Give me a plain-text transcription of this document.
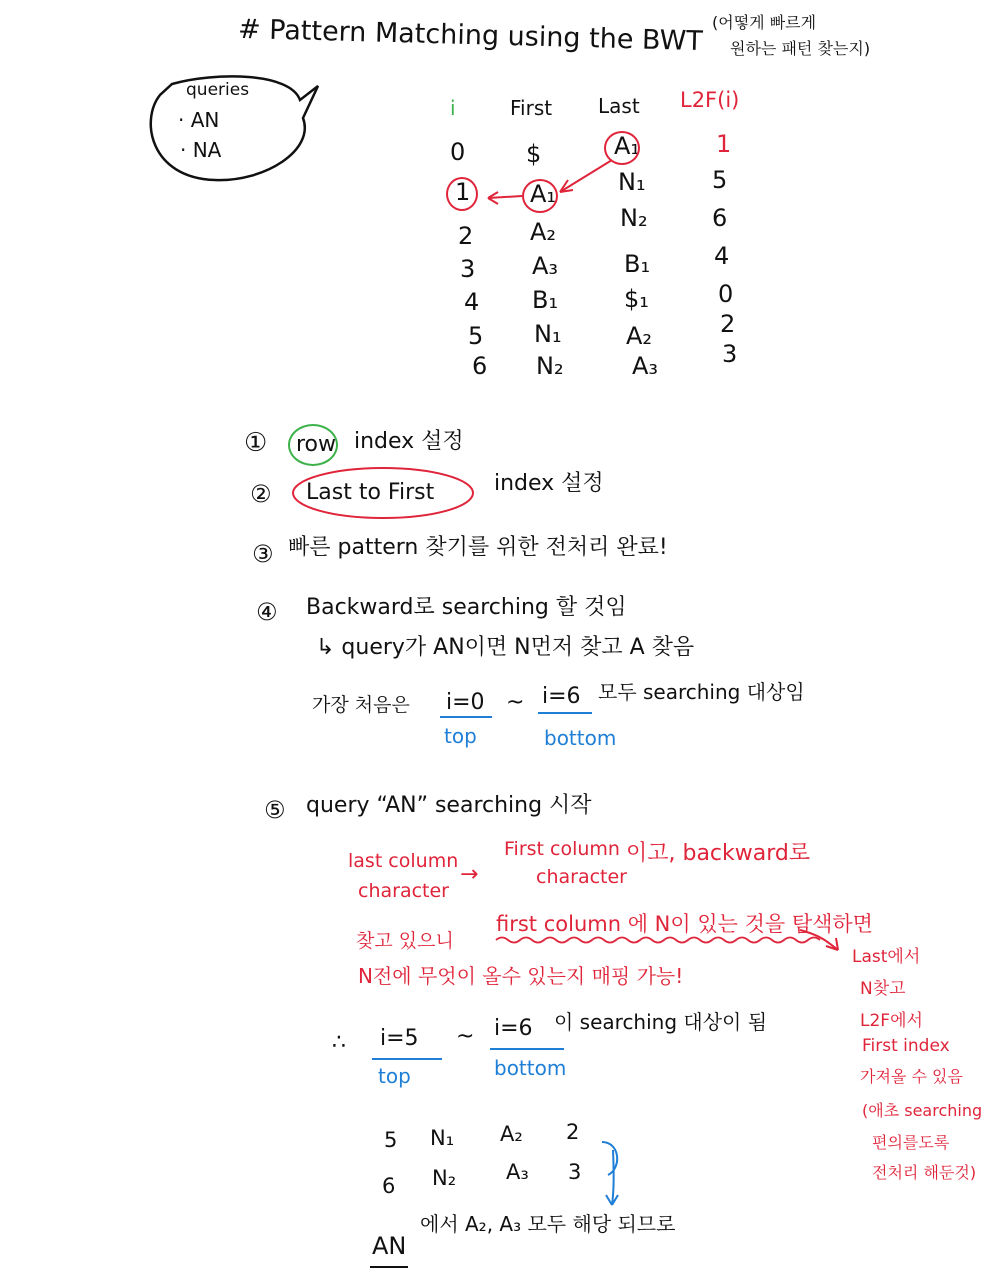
# Pattern Matching using the BWT (어떻게 빠르게
원하는 패턴 찾는지)
queries
· AN
· NA
i	First Last L2F(i)
0	$	A₁	1
1 A₁	N₁	5
2 A₂	N₂	6
3 A₃	B₁	4
4 B₁	$₁	0
5 N₁	A₂	2
6 N₂	A₃	3
① row index 설정
② Last to First	index 설정
③ 빠른 pattern 찾기를 위한 전처리 완료!
④ Backward로 searching 할 것임
↳ query가 AN이면 N먼저 찾고 A 찾음
가장 처음은 i=0 ~ i=6 모두 searching 대상임
top	bottom
⑤ query “AN” searching 시작
last column
character
→
First column
character
이고, backward로
찾고 있으니
first column 에 N이 있는 것을 탐색하면
N전에 무엇이 올수 있는지 매핑 가능!
Last에서
N찾고
L2F에서
First index
가져올 수 있음
(애초 searching
편의를도록
전처리 해둔것)
∴ i=5 ~ i=6 이 searching 대상이 됨
top	bottom
5 N₁ A₂ 2
6 N₂ A₃ 3
AN
에서 A₂, A₃ 모두 해당 되므로
